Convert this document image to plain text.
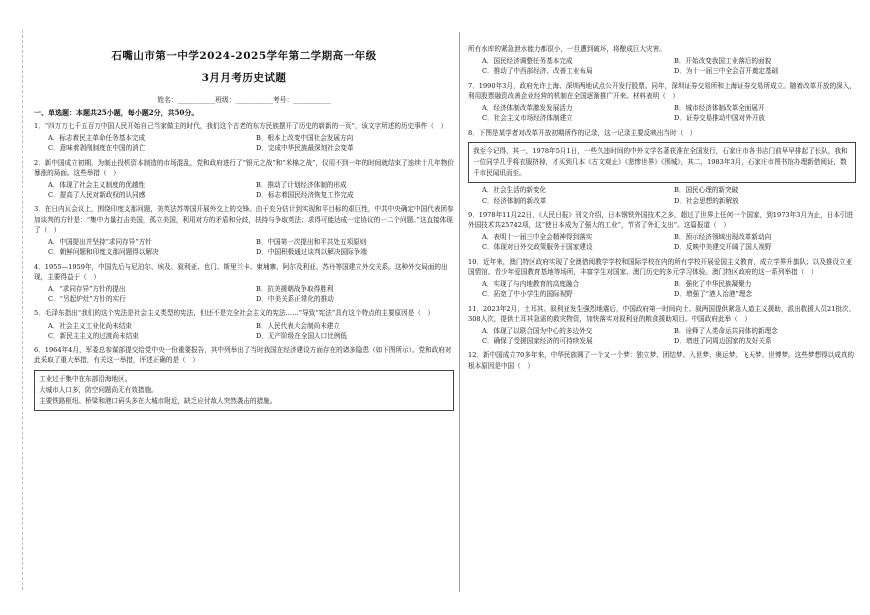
石嘴山市第一中学2024-2025学年第二学期高一年级
3月月考历史试题
姓名：___________班级：___________考号：___________
一、单选题：本题共25小题，每小题2分，共50分。
1．“四万万七千五百万中国人民开始自己当家做主的时代，我们这个古老的东方民族摆开了历史的崭新的一页”，该文字所述的历史事件（　）
A．标志着民主革命任务基本完成	B．根本上改变中国社会发展方向
C．意味着剥削制度在中国的消亡	D．完成中华民族最深刻社会变革
2．新中国成立初期，为制止投机资本制造的市场混乱，党和政府进行了“银元之战”和“米棉之战”，仅用不到一年的时间就结束了连续十几年物价暴涨的局面。这些举措（　）
A．体现了社会主义制度的优越性	B．推动了计划经济体制的形成
C．提高了人民对新政权的认同感	D．标志着国民经济恢复工作完成
3．在日内瓦会议上，围绕印度支那问题，美英法苏等国开展外交上的交锋。由于充分估计到实现和平目标的艰巨性，中共中央确定中国代表团参加谈判的方针是：“集中力量打击美国，孤立美国，利用对方的矛盾和分歧，扶持与争取英法；求得可能达成一定协议的一二个问题。”这直接体现了（　）
A．中国提出并坚持“求同存异”方针	B．中国第一次提出和平共处五项原则
C．朝鲜问题和印度支那问题得以解决	D．中国积极通过谈判以解决国际争端
4．1955—1959年，中国先后与尼泊尔、埃及、叙利亚、也门、斯里兰卡、柬埔寨、阿尔及利亚、苏丹等国建立外交关系。这种外交局面的出现，主要得益于（　）
A．“求同存异”方针的提出	B．抗美援朝战争取得胜利
C．“另起炉灶”方针的实行	D．中美关系正常化的推动
5．毛泽东指出“我们的这个宪法是社会主义类型的宪法，但还不是完全社会主义的宪法……”导致“宪法”具有这个特点的主要原因是（　）
A．社会主义工业化尚未结束	B．人民代表大会制尚未建立
C．新民主主义的过渡尚未结束	D．无产阶级在全国人口比例低
6．1964年4月，军委总参谋部提交给党中央一份重要报告，其中列举出了当时我国在经济建设方面存在的诸多隐患（如下图所示）。党和政府对此采取了重大举措，有关这一举措，评述正确的是（　）
工业过于集中在东部沿海地区。
大城市人口多，防空问题尚无有效措施。
主要铁路枢纽、桥梁和港口码头多在大城市附近，缺乏应付敌人突然袭击的措施。
所有水库的紧急泄水能力都很小，一旦遭到破坏，将酿成巨大灾害。
A．国民经济调整任务基本完成	B．开始改变我国工业落后的面貌
C．推动了中西部经济、改善工业布局	D．为十一届三中全会召开奠定基础
7．1990年3月，政府允许上海、深圳两地试点公开发行股票。同年，深圳证券交易所和上海证券交易所成立。随着改革开放的深入，利用股票融资改善企业经营的机制在全国逐渐推广开来。材料表明（　）
A．经济体制改革激发发展活力	B．城市经济体制改革全面展开
C．社会主义市场经济体制建立	D．证券交易推动中国对外开放
8．下图是某学者对改革开放初期所作的记录，这一记录主要反映出当时（　）
我至今记得，其一，1978年5月1日，一些久违时间的中外文学名著获准在全国发行，石家庄市各书店门前早早排起了长队，我和一位同学几乎将衣服挤掉，才买到几本《古文观止》《悲惨世界》《围城》，其二，1983年3月，石家庄市图书馆办理新借阅证，数千市民闻讯而至。
A．社会生活的新变化	B．国民心理的新突破
C．经济体制的新改革	D．社会思想的新解放
9．1978年11月22日，《人民日报》刊文介绍，日本钢铁外国技术之多，超过了世界上任何一个国家，到1973年3月为止，日本引进外国技术共25742项，这“使日本成为了强大的工业”，节省了外汇支出”。这篇报道（　）
A．表明十一届三中全会精神得到落实	B．预示经济领域出现改革新动向
C．体现对日外交政策服务于国家建设	D．反映中美建交开阔了国人视野
10．近年来，澳门特区政府实现了全澳借阅教学学校和国际学校在内的所有学校开展爱国主义教育，成立学界升旗队；以及推设立亚国情馆、青少年爱国教育基地等场所，丰富学生对国家、澳门历史的多元学习体验。澳门特区政府的这一系列举措（　）
A．实现了与内地教育的高度融合	B．强化了中华民族凝聚力
C．拓宽了中小学生的国际视野	D．增强了“港人治港”理念
11．2023年2月，土耳其、叙利亚发生强烈地震后，中国政府第一时间向土、叙两国提供紧急人道主义援助，派出救援人员21批次、308人次，提供土耳其急需的救灾物资，加快落实对叙利亚的粮食援助项目。中国政府此举（　）
A．体现了以联合国为中心的多边外交	B．诠释了人类命运共同体的新理念
C．确保了受援国家经济的可持续发展	D．增进了同周边国家的友好关系
12．新中国成立70多年来，中华民族圆了一个又一个梦：独立梦、团结梦、入世梦、奥运梦、飞天梦、世博梦。这些梦想得以成真的根本原因是中国（　）
